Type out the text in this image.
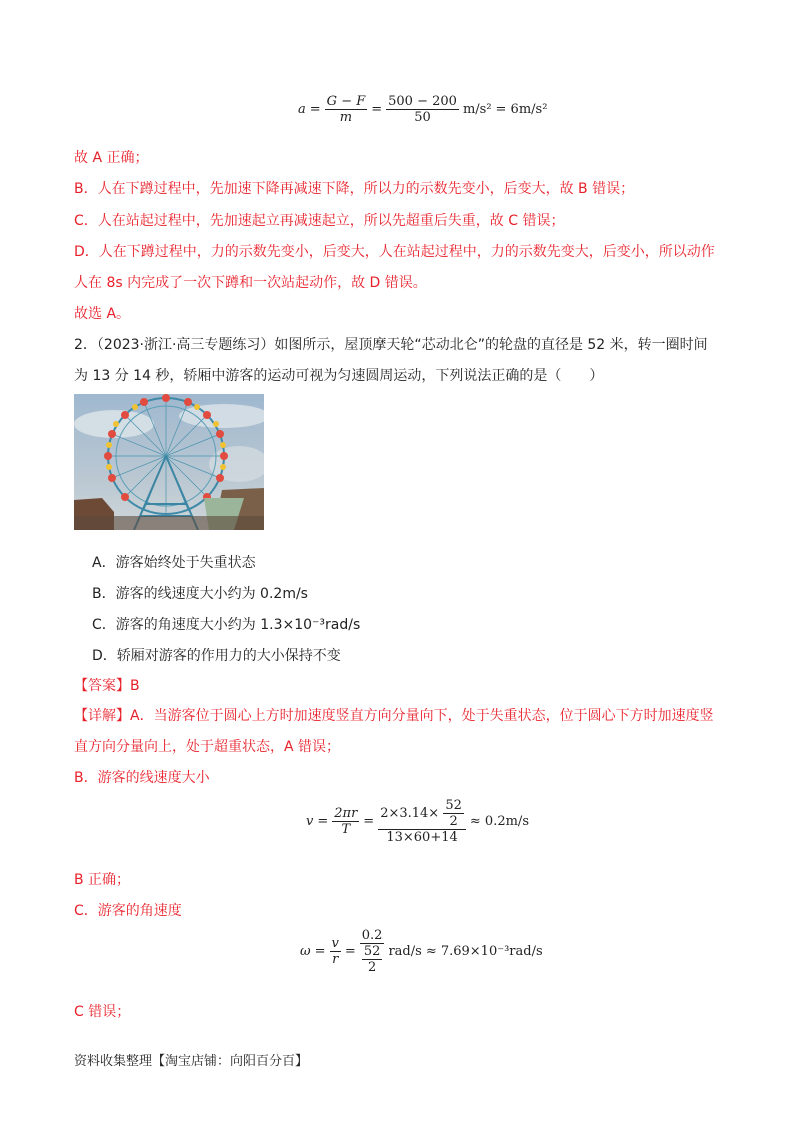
$a = \frac{G - F}{m} = \frac{500 - 200}{50} m/s^2 = 6m/s^2$
故 A 正确；
B．人在下蹲过程中，先加速下降再减速下降，所以力的示数先变小，后变大，故 B 错误；
C．人在站起过程中，先加速起立再减速起立，所以先超重后失重，故 C 错误；
D．人在下蹲过程中，力的示数先变小，后变大，人在站起过程中，力的示数先变大，后变小，所以动作
人在 8s 内完成了一次下蹲和一次站起动作，故 D 错误。
故选 A。
2．（2023·浙江·高三专题练习）如图所示，屋顶摩天轮“芯动北仑”的轮盘的直径是 52 米，转一圈时间
为 13 分 14 秒，轿厢中游客的运动可视为匀速圆周运动，下列说法正确的是（　　）
A．游客始终处于失重状态
B．游客的线速度大小约为 0.2m/s
C．游客的角速度大小约为 1.3×10⁻³rad/s
D．轿厢对游客的作用力的大小保持不变
【答案】B
【详解】A．当游客位于圆心上方时加速度竖直方向分量向下，处于失重状态，位于圆心下方时加速度竖
直方向分量向上，处于超重状态，A 错误；
B．游客的线速度大小
$v = \frac{2\pi r}{T} = \frac{2\times 3.14\times \frac{52}{2}}{13\times 60+14} \approx 0.2m/s$
B 正确；
C．游客的角速度
$\omega = \frac{v}{r} = \frac{0.2}{\frac{52}{2}} rad/s \approx 7.69\times 10^{-3}rad/s$
C 错误；
资料收集整理【淘宝店铺：向阳百分百】
